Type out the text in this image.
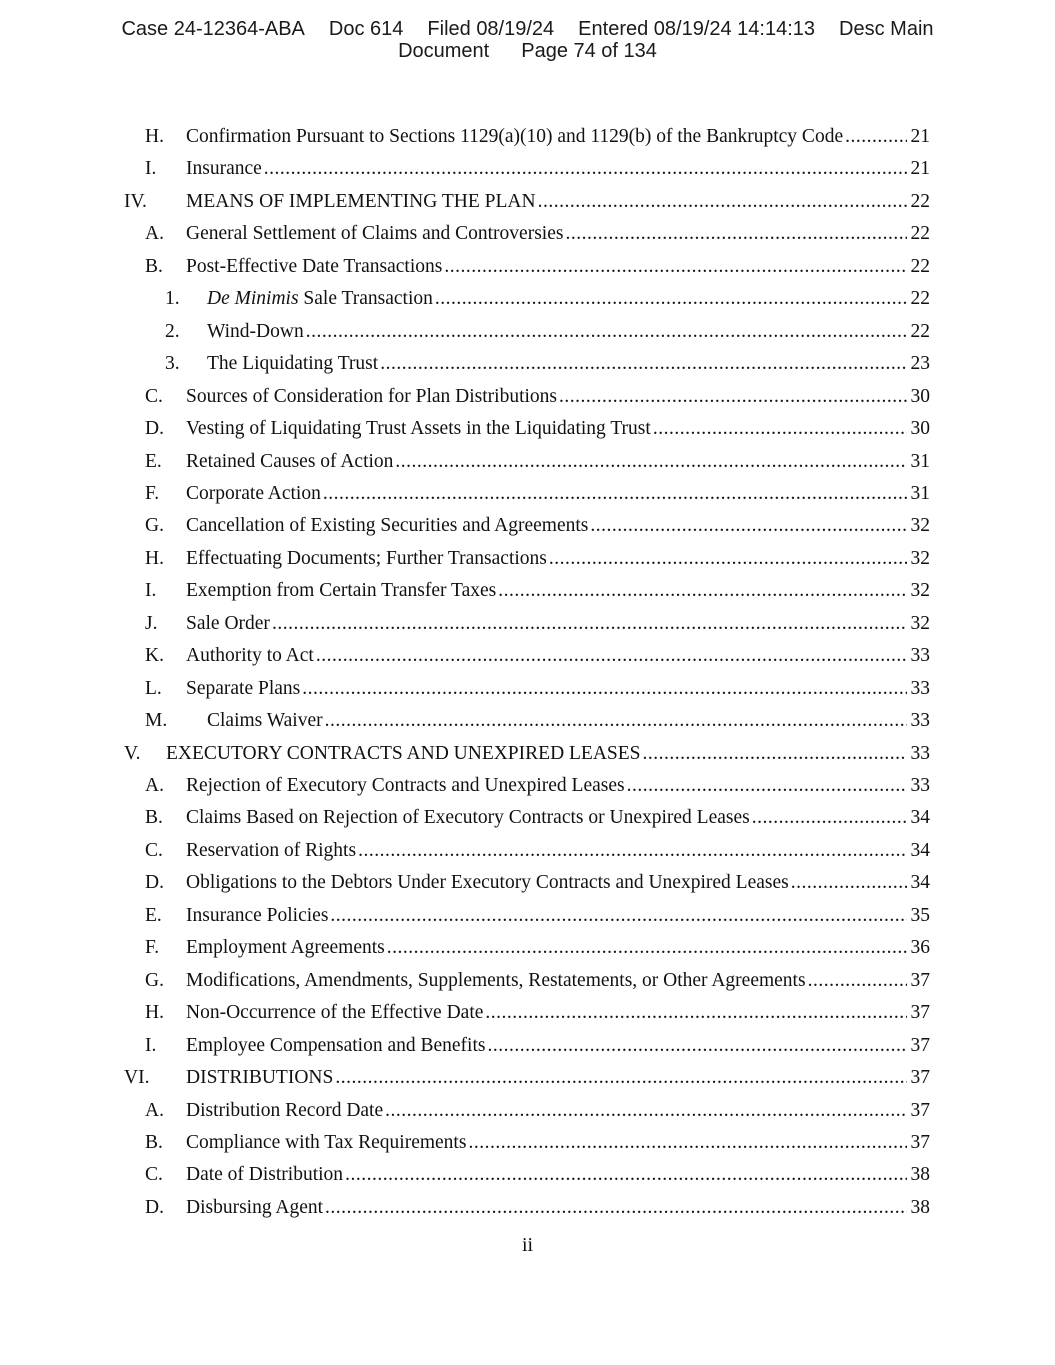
Case 24-12364-ABA Doc 614 Filed 08/19/24 Entered 08/19/24 14:14:13 Desc Main
Document Page 74 of 134
H. Confirmation Pursuant to Sections 1129(a)(10) and 1129(b) of the Bankruptcy Code .....	21
I. Insurance .....	21
IV. MEANS OF IMPLEMENTING THE PLAN .....	22
A. General Settlement of Claims and Controversies .....	22
B. Post-Effective Date Transactions .....	22
1. De Minimis Sale Transaction .....	22
2. Wind-Down .....	22
3. The Liquidating Trust .....	23
C. Sources of Consideration for Plan Distributions .....	30
D. Vesting of Liquidating Trust Assets in the Liquidating Trust .....	30
E. Retained Causes of Action .....	31
F. Corporate Action .....	31
G. Cancellation of Existing Securities and Agreements .....	32
H. Effectuating Documents; Further Transactions .....	32
I. Exemption from Certain Transfer Taxes .....	32
J. Sale Order .....	32
K. Authority to Act .....	33
L. Separate Plans .....	33
M. Claims Waiver .....	33
V. EXECUTORY CONTRACTS AND UNEXPIRED LEASES .....	33
A. Rejection of Executory Contracts and Unexpired Leases .....	33
B. Claims Based on Rejection of Executory Contracts or Unexpired Leases .....	34
C. Reservation of Rights .....	34
D. Obligations to the Debtors Under Executory Contracts and Unexpired Leases .....	34
E. Insurance Policies .....	35
F. Employment Agreements .....	36
G. Modifications, Amendments, Supplements, Restatements, or Other Agreements .....	37
H. Non-Occurrence of the Effective Date .....	37
I. Employee Compensation and Benefits .....	37
VI. DISTRIBUTIONS .....	37
A. Distribution Record Date .....	37
B. Compliance with Tax Requirements .....	37
C. Date of Distribution .....	38
D. Disbursing Agent .....	38
ii
